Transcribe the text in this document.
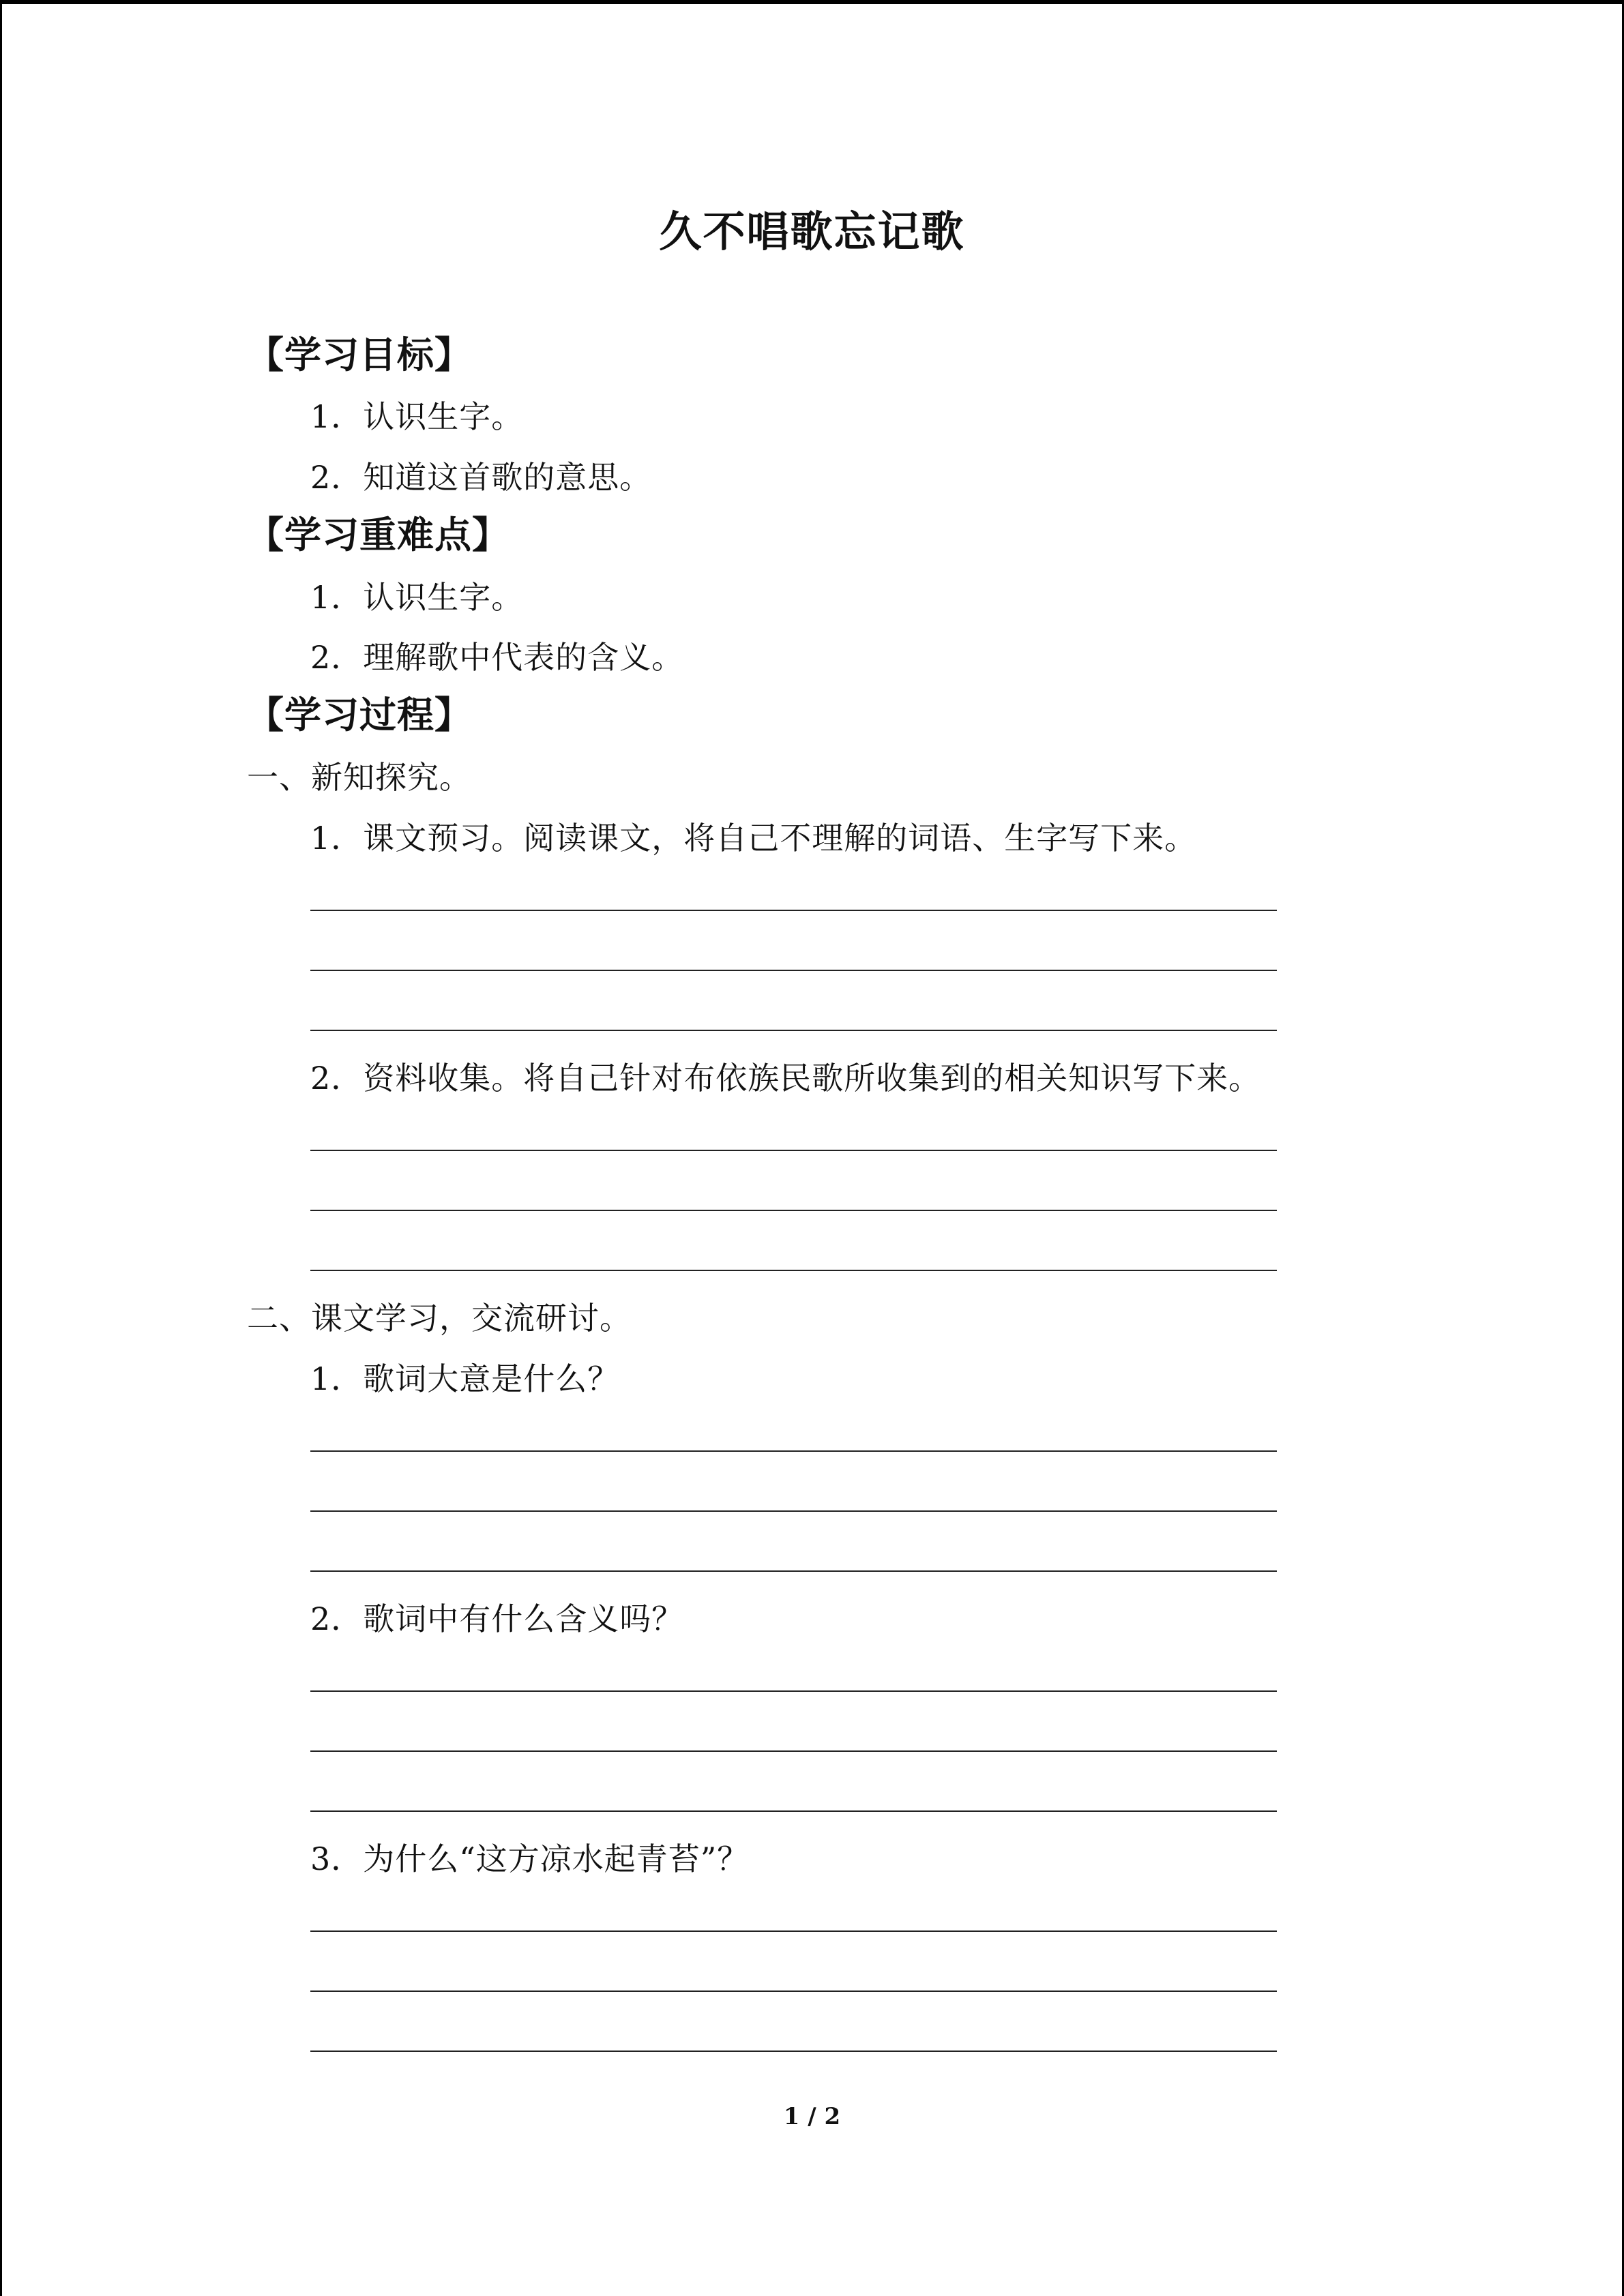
久不唱歌忘记歌
【学习目标】
1．认识生字。
2．知道这首歌的意思。
【学习重难点】
1．认识生字。
2．理解歌中代表的含义。
【学习过程】
一、新知探究。
1．课文预习。阅读课文，将自己不理解的词语、生字写下来。
2．资料收集。将自己针对布依族民歌所收集到的相关知识写下来。
二、课文学习，交流研讨。
1．歌词大意是什么？
2．歌词中有什么含义吗？
3．为什么“这方凉水起青苔”？
1 / 2
